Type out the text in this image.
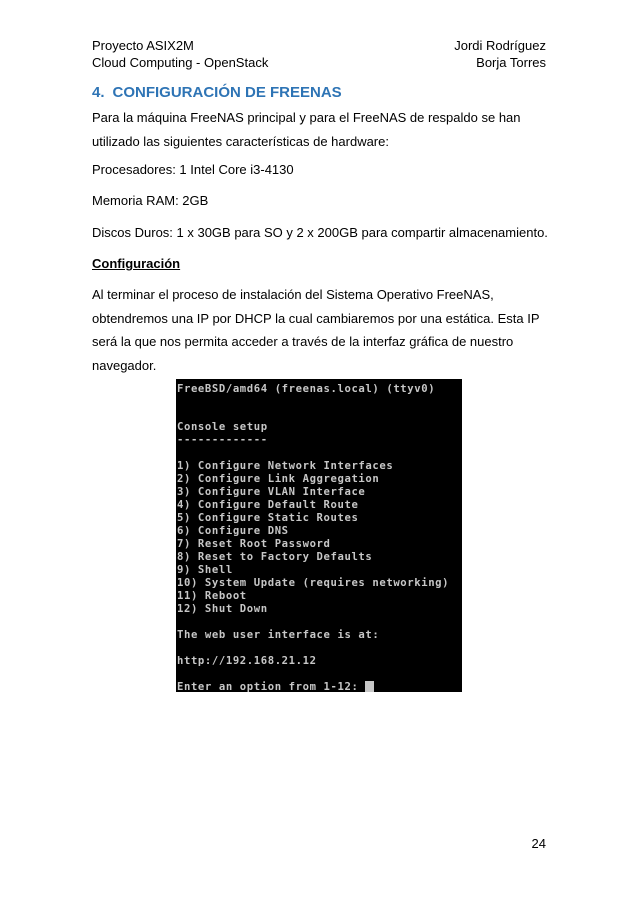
Proyecto ASIX2M
Cloud Computing - OpenStack
Jordi Rodríguez
Borja Torres
4. CONFIGURACIÓN DE FREENAS
Para la máquina FreeNAS principal y para el FreeNAS de respaldo se han
utilizado las siguientes características de hardware:
Procesadores: 1 Intel Core i3-4130
Memoria RAM: 2GB
Discos Duros: 1 x 30GB para SO y 2 x 200GB para compartir almacenamiento.
Configuración
Al terminar el proceso de instalación del Sistema Operativo FreeNAS,
obtendremos una IP por DHCP la cual cambiaremos por una estática. Esta IP
será la que nos permita acceder a través de la interfaz gráfica de nuestro
navegador.

FreeBSD/amd64 (freenas.local) (ttyv0)

Console setup

-------------

1) Configure Network Interfaces

2) Configure Link Aggregation

3) Configure VLAN Interface

4) Configure Default Route

5) Configure Static Routes

6) Configure DNS

7) Reset Root Password

8) Reset to Factory Defaults

9) Shell

10) System Update (requires networking)

11) Reboot

12) Shut Down

The web user interface is at:

http://192.168.21.12

Enter an option from 1-12:

24
